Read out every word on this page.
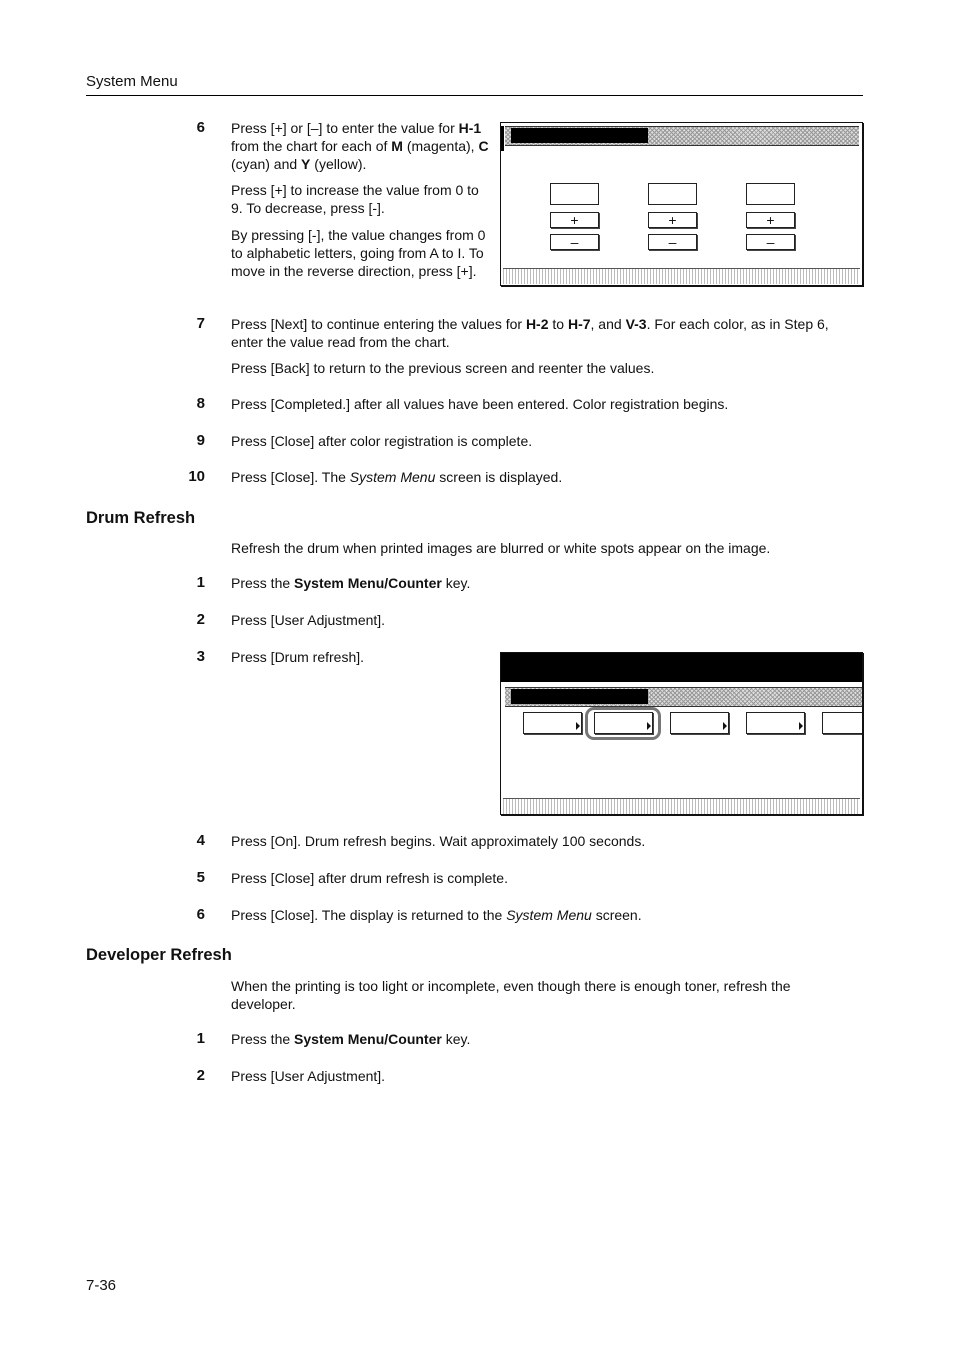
System Menu
6 Press [+] or [–] to enter the value for H-1 from the chart for each of M (magenta), C (cyan) and Y (yellow).
Press [+] to increase the value from 0 to 9. To decrease, press [-].
By pressing [-], the value changes from 0 to alphabetic letters, going from A to I. To move in the reverse direction, press [+].
+	+	+
–	–	–
7 Press [Next] to continue entering the values for H-2 to H-7, and V-3. For each color, as in Step 6, enter the value read from the chart.
Press [Back] to return to the previous screen and reenter the values.
8 Press [Completed.] after all values have been entered. Color registration begins.
9 Press [Close] after color registration is complete.
10 Press [Close]. The System Menu screen is displayed.
Drum Refresh
Refresh the drum when printed images are blurred or white spots appear on the image.
1 Press the System Menu/Counter key.
2 Press [User Adjustment].
3 Press [Drum refresh].
4 Press [On]. Drum refresh begins. Wait approximately 100 seconds.
5 Press [Close] after drum refresh is complete.
6 Press [Close]. The display is returned to the System Menu screen.
Developer Refresh
When the printing is too light or incomplete, even though there is enough toner, refresh the developer.
1 Press the System Menu/Counter key.
2 Press [User Adjustment].
7-36
